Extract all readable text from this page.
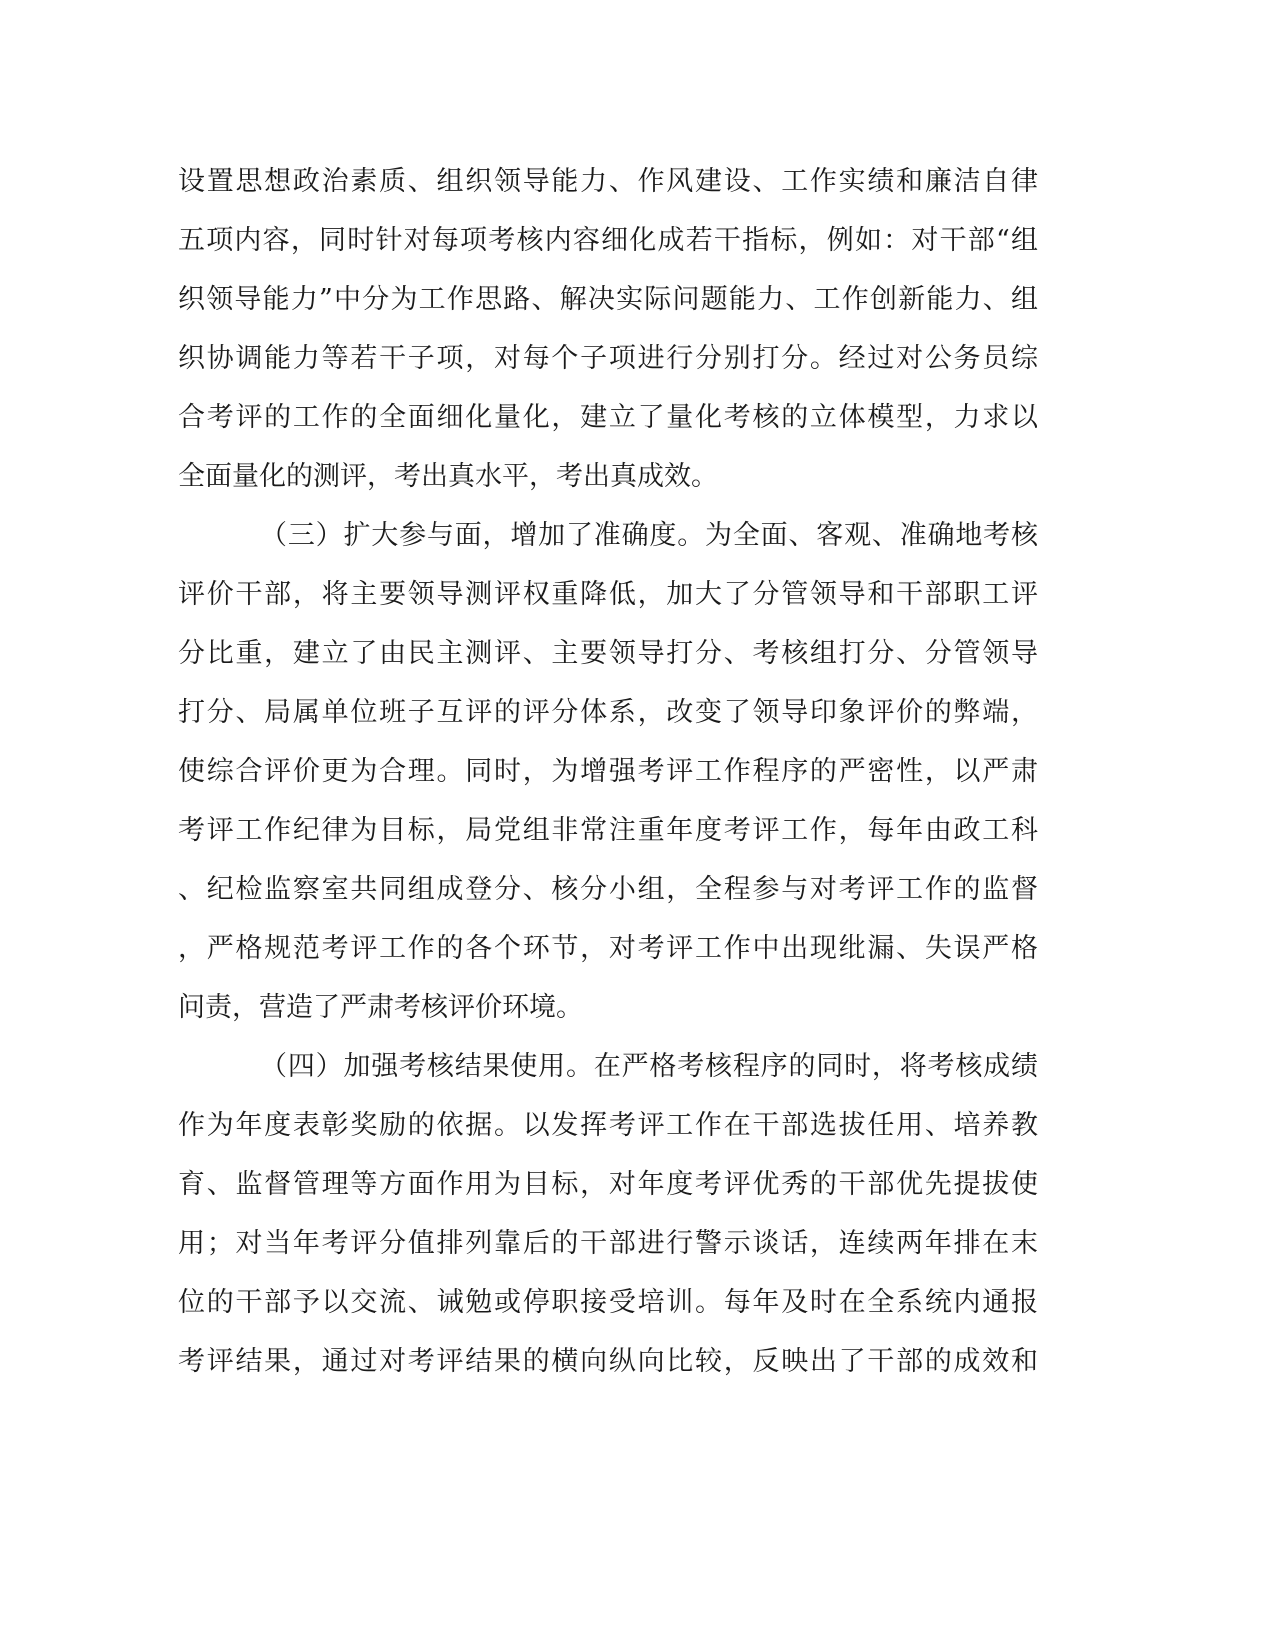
设置思想政治素质、组织领导能力、作风建设、工作实绩和廉洁自律
五项内容，同时针对每项考核内容细化成若干指标，例如：对干部“组
织领导能力”中分为工作思路、解决实际问题能力、工作创新能力、组
织协调能力等若干子项，对每个子项进行分别打分。经过对公务员综
合考评的工作的全面细化量化，建立了量化考核的立体模型，力求以
全面量化的测评，考出真水平，考出真成效。
（三）扩大参与面，增加了准确度。为全面、客观、准确地考核
评价干部，将主要领导测评权重降低，加大了分管领导和干部职工评
分比重，建立了由民主测评、主要领导打分、考核组打分、分管领导
打分、局属单位班子互评的评分体系，改变了领导印象评价的弊端，
使综合评价更为合理。同时，为增强考评工作程序的严密性，以严肃
考评工作纪律为目标，局党组非常注重年度考评工作，每年由政工科
、纪检监察室共同组成登分、核分小组，全程参与对考评工作的监督
，严格规范考评工作的各个环节，对考评工作中出现纰漏、失误严格
问责，营造了严肃考核评价环境。
（四）加强考核结果使用。在严格考核程序的同时，将考核成绩
作为年度表彰奖励的依据。以发挥考评工作在干部选拔任用、培养教
育、监督管理等方面作用为目标，对年度考评优秀的干部优先提拔使
用；对当年考评分值排列靠后的干部进行警示谈话，连续两年排在末
位的干部予以交流、诫勉或停职接受培训。每年及时在全系统内通报
考评结果，通过对考评结果的横向纵向比较，反映出了干部的成效和
